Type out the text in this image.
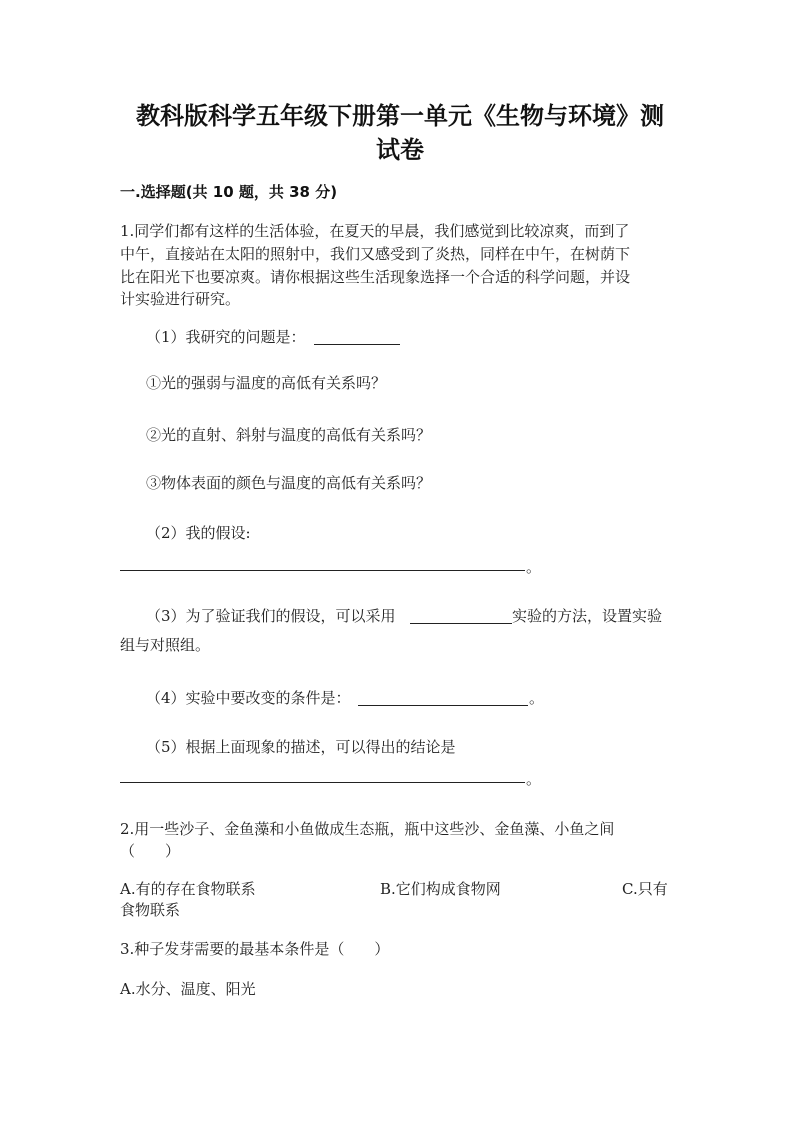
教科版科学五年级下册第一单元《生物与环境》测
试卷
一.选择题(共 10 题，共 38 分)
1.同学们都有这样的生活体验，在夏天的早晨，我们感觉到比较凉爽，而到了
中午，直接站在太阳的照射中，我们又感受到了炎热，同样在中午，在树荫下
比在阳光下也要凉爽。请你根据这些生活现象选择一个合适的科学问题，并设
计实验进行研究。
（1）我研究的问题是：
①光的强弱与温度的高低有关系吗？
②光的直射、斜射与温度的高低有关系吗？
③物体表面的颜色与温度的高低有关系吗？
（2）我的假设:
。
（3）为了验证我们的假设，可以采用	实验的方法，设置实验
组与对照组。
（4）实验中要改变的条件是：	。
（5）根据上面现象的描述，可以得出的结论是
。
2.用一些沙子、金鱼藻和小鱼做成生态瓶，瓶中这些沙、金鱼藻、小鱼之间
（　　）
A.有的存在食物联系	B.它们构成食物网	C.只有
食物联系
3.种子发芽需要的最基本条件是（　　）
A.水分、温度、阳光
